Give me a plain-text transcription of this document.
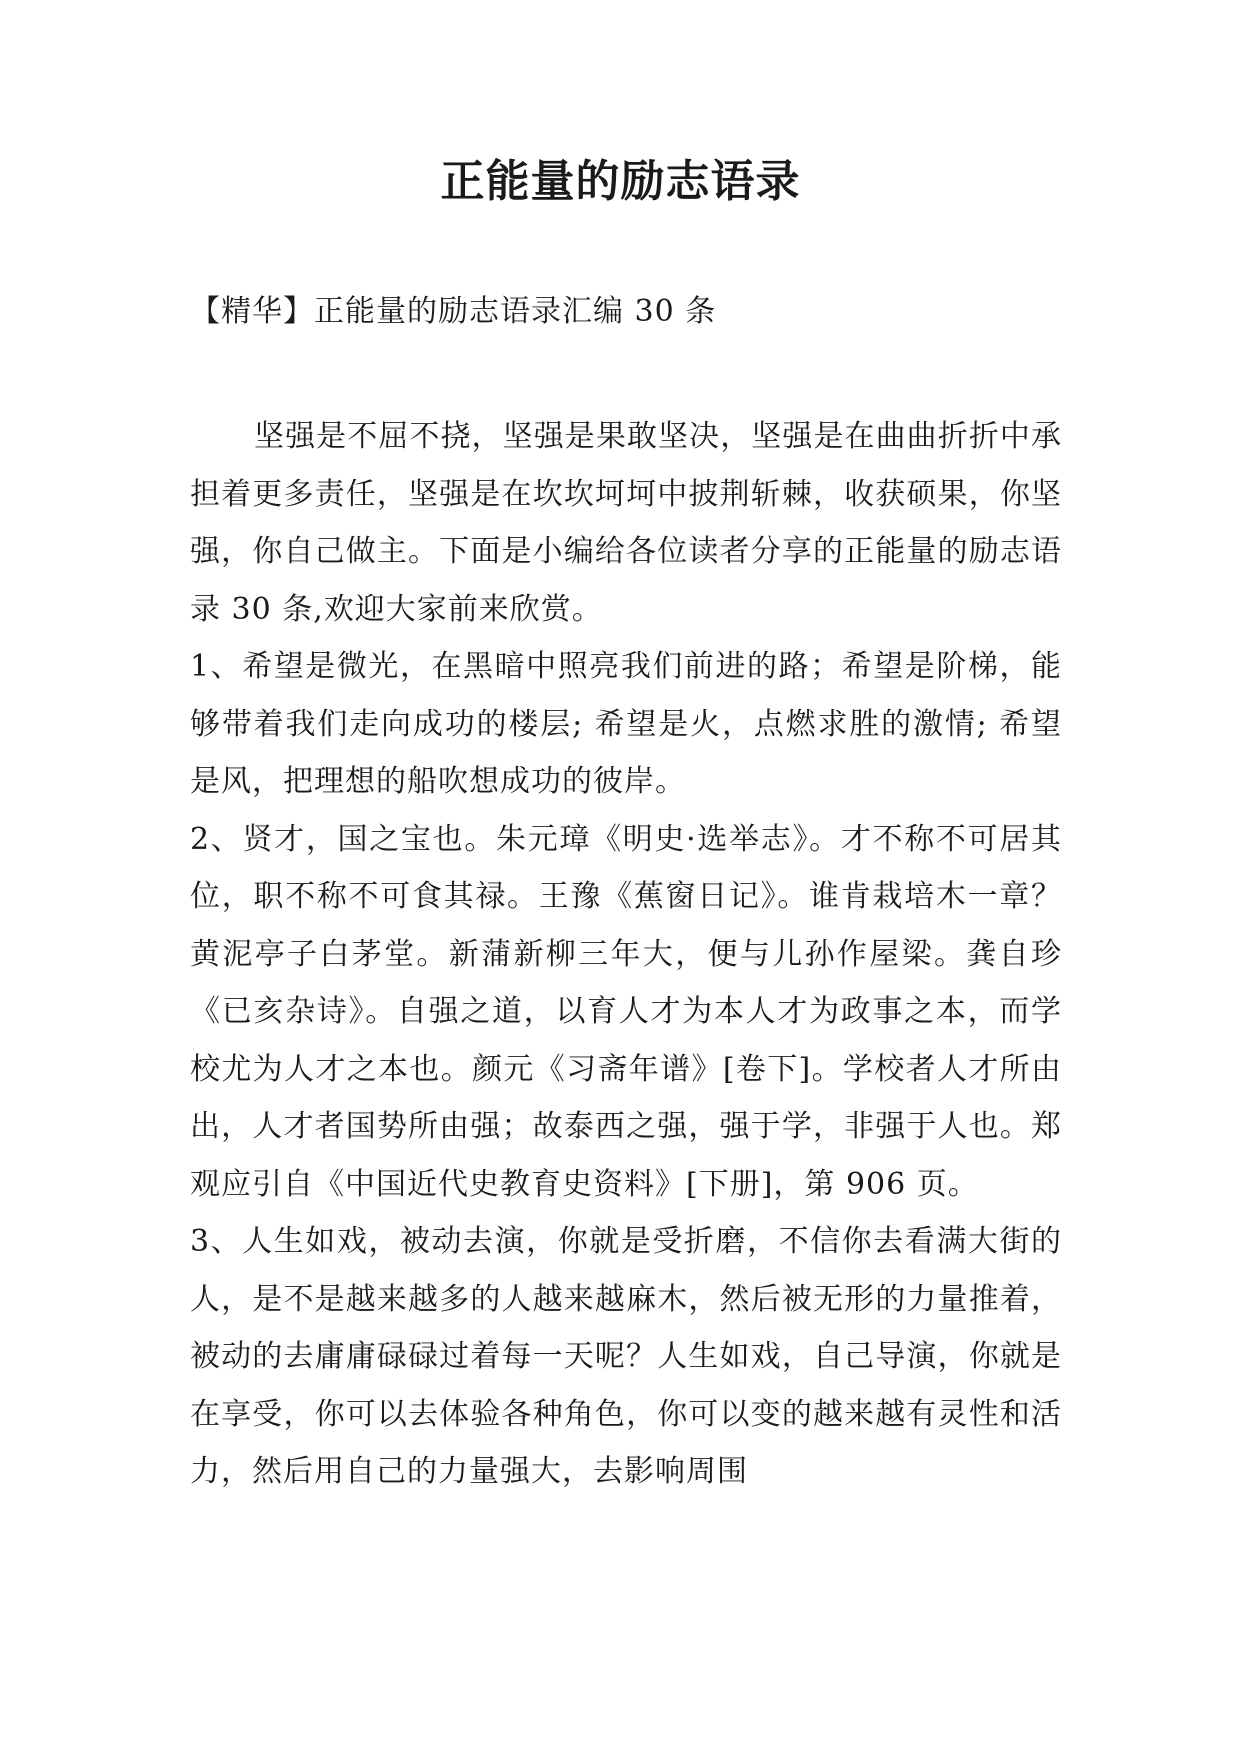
正能量的励志语录

【精华】正能量的励志语录汇编 30 条

坚强是不屈不挠，坚强是果敢坚决，坚强是在曲曲折折中承担着更多责任，坚强是在坎坎坷坷中披荆斩棘，收获硕果，你坚强，你自己做主。下面是小编给各位读者分享的正能量的励志语录 30 条,欢迎大家前来欣赏。

1、希望是微光，在黑暗中照亮我们前进的路；希望是阶梯，能够带着我们走向成功的楼层; 希望是火，点燃求胜的激情; 希望是风，把理想的船吹想成功的彼岸。

2、贤才，国之宝也。朱元璋《明史·选举志》。才不称不可居其位，职不称不可食其禄。王豫《蕉窗日记》。谁肯栽培木一章？黄泥亭子白茅堂。新蒲新柳三年大，便与儿孙作屋梁。龚自珍《已亥杂诗》。自强之道，以育人才为本人才为政事之本，而学校尤为人才之本也。颜元《习斋年谱》[卷下]。学校者人才所由出，人才者国势所由强；故泰西之强，强于学，非强于人也。郑观应引自《中国近代史教育史资料》[下册]，第 906 页。

3、人生如戏，被动去演，你就是受折磨，不信你去看满大街的人，是不是越来越多的人越来越麻木，然后被无形的力量推着，被动的去庸庸碌碌过着每一天呢？人生如戏，自己导演，你就是在享受，你可以去体验各种角色，你可以变的越来越有灵性和活力，然后用自己的力量强大，去影响周围
